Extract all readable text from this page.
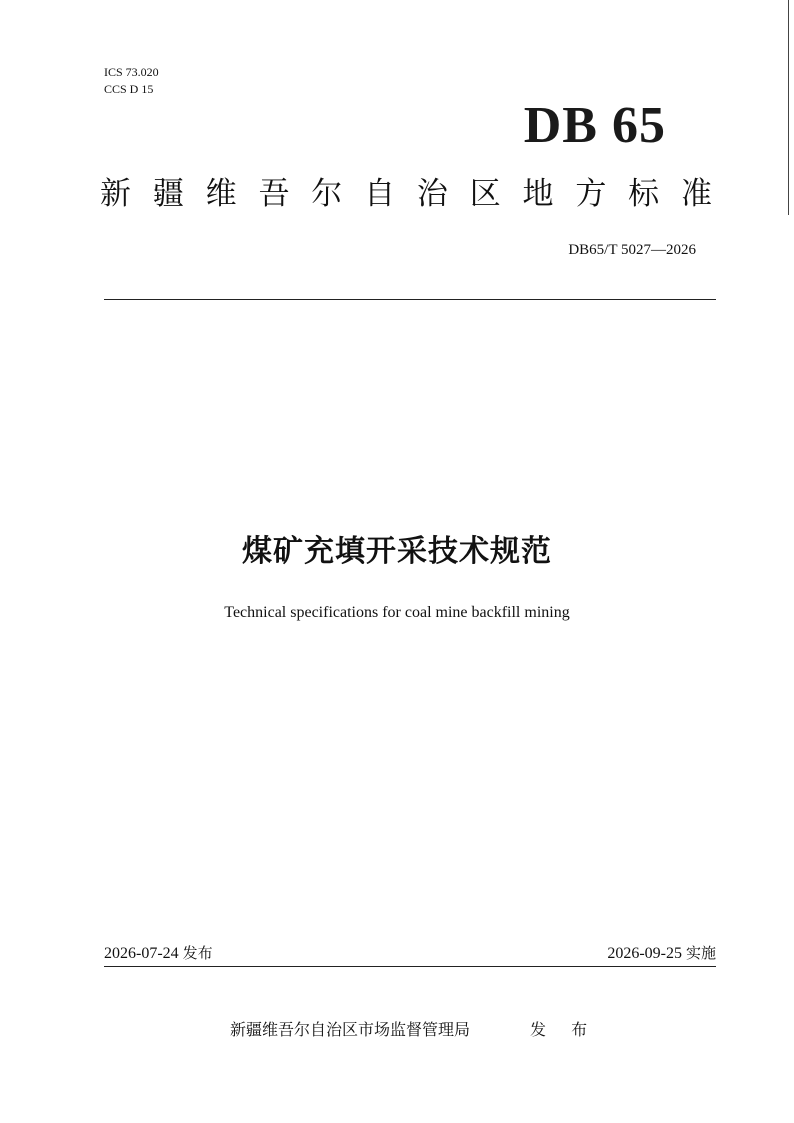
ICS 73.020

CCS D 15

DB 65
新 疆 维 吾 尔 自 治 区 地 方 标 准

DB65/T 5027—2026

煤矿充填开采技术规范

Technical specifications for coal mine backfill mining

2026-07-24 发布	2026-09-25 实施

新疆维吾尔自治区市场监督管理局	发 布
